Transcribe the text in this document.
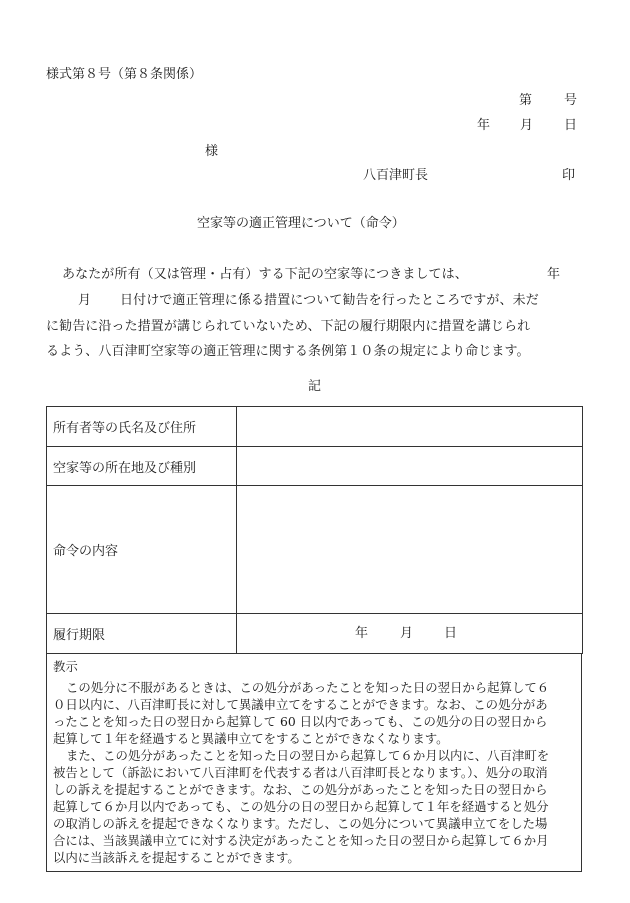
様式第８号（第８条関係）
第 号
年 月 日
様
八百津町長	印
空家等の適正管理について（命令）
あなたが所有（又は管理・占有）する下記の空家等につきましては、	年
月 日付けで適正管理に係る措置について勧告を行ったところですが、未だ
に勧告に沿った措置が講じられていないため、下記の履行期限内に措置を講じられ
るよう、八百津町空家等の適正管理に関する条例第１０条の規定により命じます。
記
所有者等の氏名及び住所	
空家等の所在地及び種別	
命令の内容	
履行期限	年 月 日
教示
この処分に不服があるときは、この処分があったことを知った日の翌日から起算して６
０日以内に、八百津町長に対して異議申立てをすることができます。なお、この処分があ
ったことを知った日の翌日から起算して 60 日以内であっても、この処分の日の翌日から
起算して１年を経過すると異議申立てをすることができなくなります。
また、この処分があったことを知った日の翌日から起算して６か月以内に、八百津町を
被告として（訴訟において八百津町を代表する者は八百津町長となります。）、処分の取消
しの訴えを提起することができます。なお、この処分があったことを知った日の翌日から
起算して６か月以内であっても、この処分の日の翌日から起算して１年を経過すると処分
の取消しの訴えを提起できなくなります。ただし、この処分について異議申立てをした場
合には、当該異議申立てに対する決定があったことを知った日の翌日から起算して６か月
以内に当該訴えを提起することができます。
